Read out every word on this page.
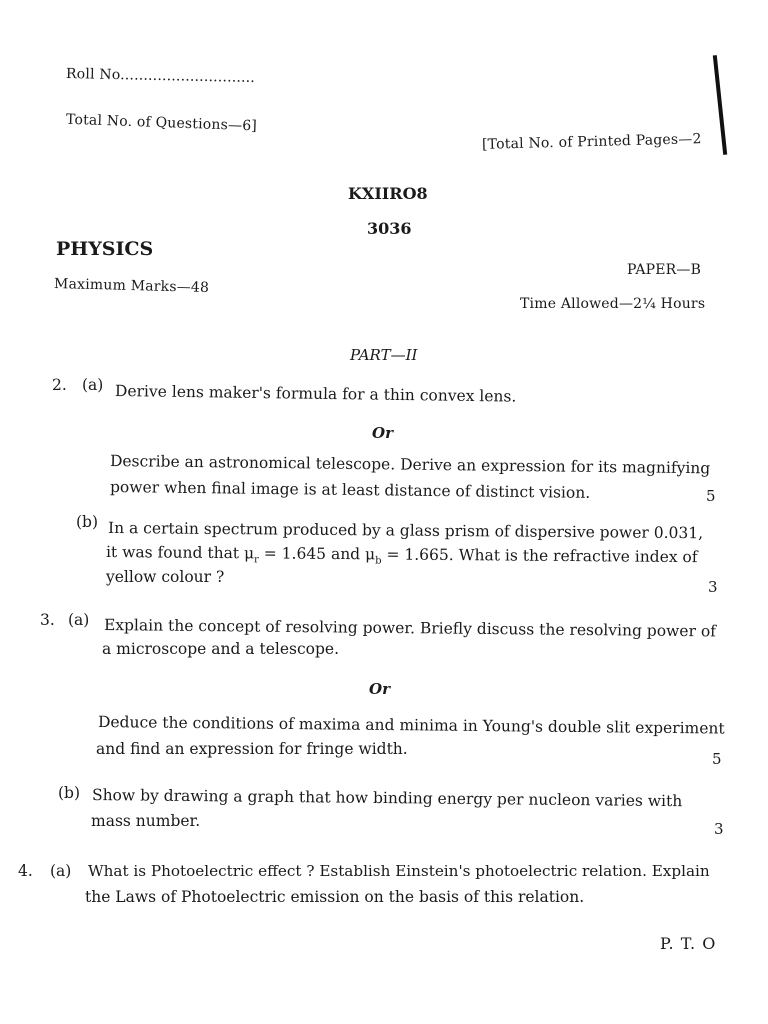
Roll No.............................
Total No. of Questions—6]
[Total No. of Printed Pages—2
KXIIRO8
3036
PHYSICS
PAPER—B
Maximum Marks—48
Time Allowed—2¼ Hours
PART—II
2. (a) Derive lens maker's formula for a thin convex lens.
Or
Describe an astronomical telescope. Derive an expression for its magnifying
power when final image is at least distance of distinct vision.	5
(b) In a certain spectrum produced by a glass prism of dispersive power 0.031,
it was found that $\mu_r = 1.645$ and $\mu_b = 1.665$. What is the refractive index of
yellow colour ?
3
3. (a) Explain the concept of resolving power. Briefly discuss the resolving power of
a microscope and a telescope.
Or
Deduce the conditions of maxima and minima in Young's double slit experiment
and find an expression for fringe width.
5
(b) Show by drawing a graph that how binding energy per nucleon varies with
mass number.	3
4. (a) What is Photoelectric effect ? Establish Einstein's photoelectric relation. Explain
the Laws of Photoelectric emission on the basis of this relation.
P. T. O
